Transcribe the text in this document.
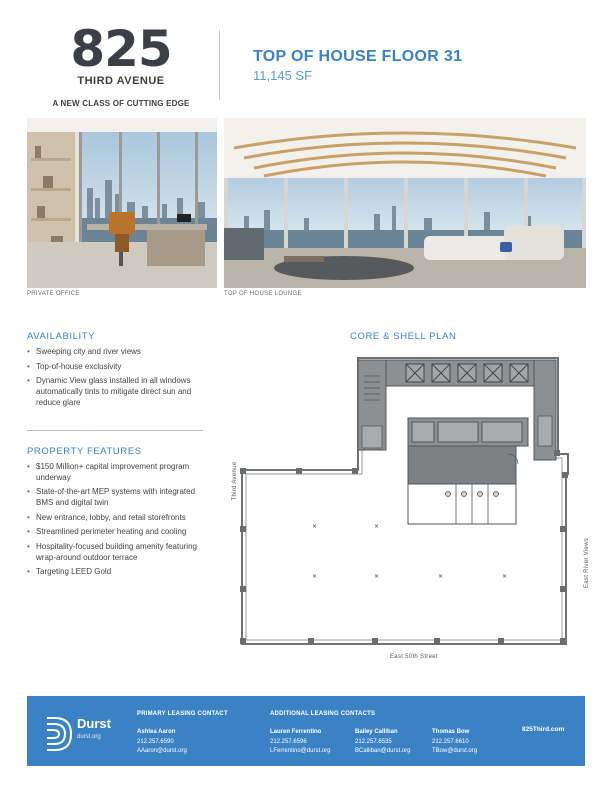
825
THIRD AVENUE
A NEW CLASS OF CUTTING EDGE
TOP OF HOUSE FLOOR 31
11,145 SF
PRIVATE OFFICE	TOP OF HOUSE LOUNGE
AVAILABILITY
• Sweeping city and river views
• Top-of-house exclusivity
• Dynamic View glass installed in all windows automatically tints to mitigate direct sun and reduce glare
PROPERTY FEATURES
• $150 Million+ capital improvement program underway
• State-of-the-art MEP systems with integrated BMS and digital twin
• New entrance, lobby, and retail storefronts
• Streamlined perimeter heating and cooling
• Hospitality-focused building amenity featuring wrap-around outdoor terrace
• Targeting LEED Gold
CORE & SHELL PLAN
×	×
×	×	×	×
Third Avenue
East River Views
East 50th Street
Durst
durst.org
PRIMARY LEASING CONTACT	ADDITIONAL LEASING CONTACTS
Ashlea Aaron
212.257.6590
AAaron@durst.org
Lauren Ferrentino
212.257.6596
LFerrentino@durst.org
Bailey Calliban
212.257.6535
BCalliban@durst.org
Thomas Bow
212.257.6610
TBow@durst.org
825Third.com
